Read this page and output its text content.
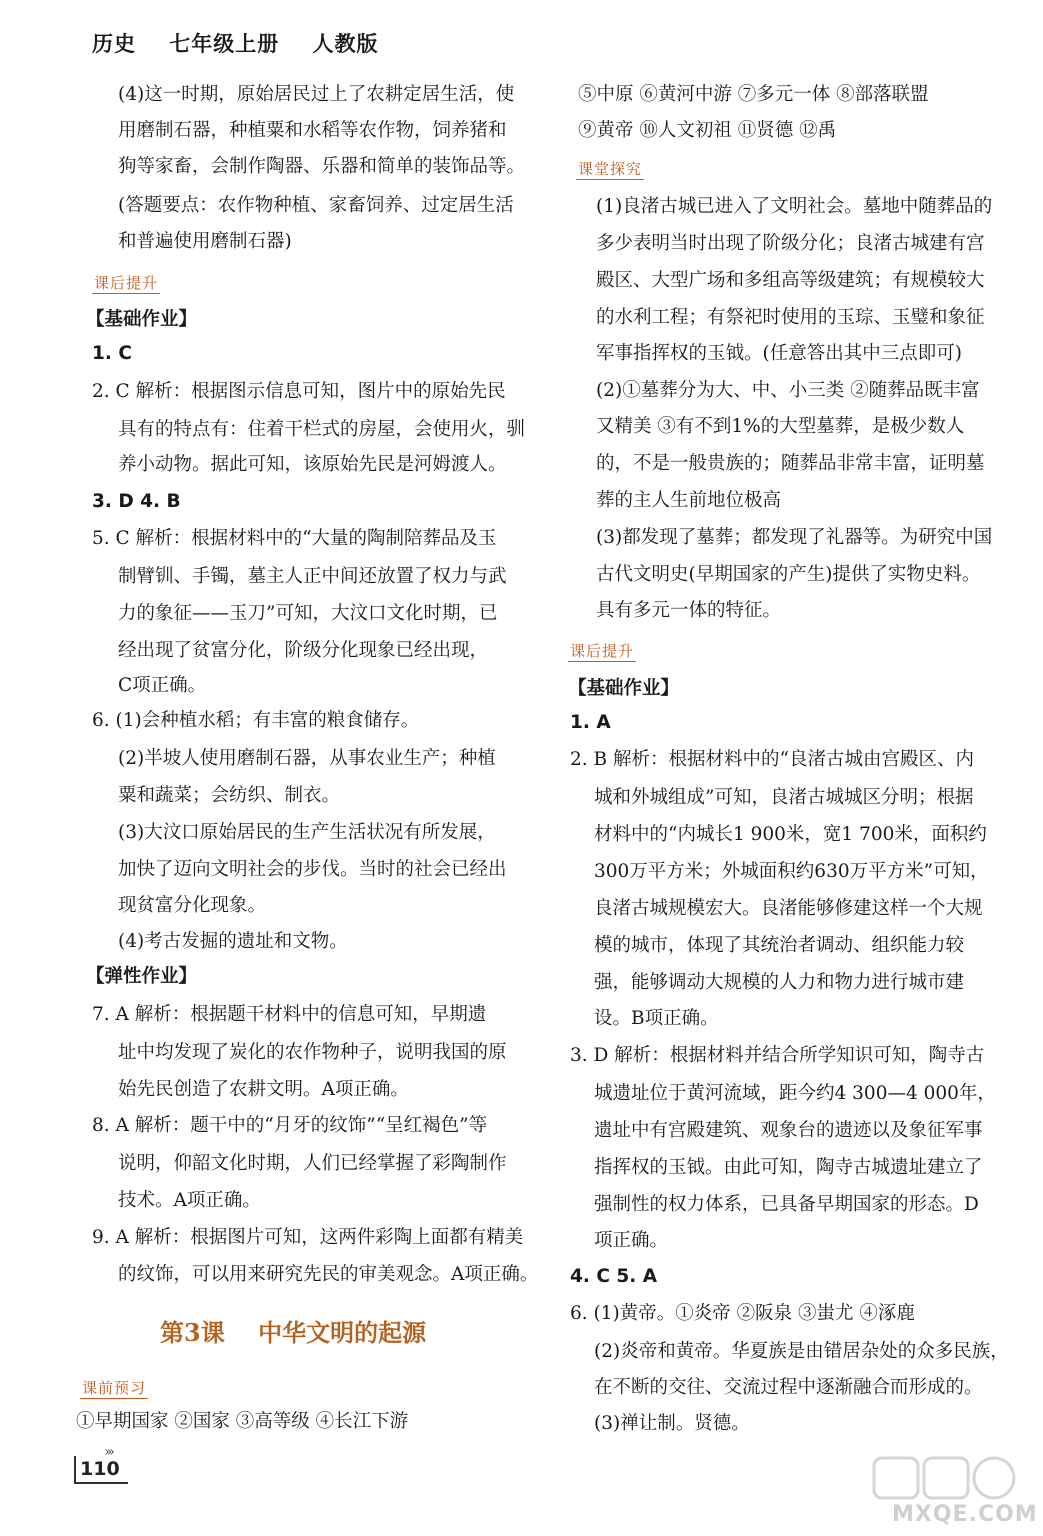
历史    七年级上册    人教版
课后提升
(4)这一时期，原始居民过上了农耕定居生活，使
用磨制石器，种植粟和水稻等农作物，饲养猪和
狗等家畜，会制作陶器、乐器和简单的装饰品等。
(答题要点：农作物种植、家畜饲养、过定居生活
和普遍使用磨制石器)
【基础作业】
1. C
2. C 解析：根据图示信息可知，图片中的原始先民
具有的特点有：住着干栏式的房屋，会使用火，驯
养小动物。据此可知，该原始先民是河姆渡人。
3. D 4. B
5. C 解析：根据材料中的“大量的陶制陪葬品及玉
制臂钏、手镯，墓主人正中间还放置了权力与武
力的象征——玉刀”可知，大汶口文化时期，已
经出现了贫富分化，阶级分化现象已经出现，
C项正确。
6. (1)会种植水稻；有丰富的粮食储存。
(2)半坡人使用磨制石器，从事农业生产；种植
粟和蔬菜；会纺织、制衣。
(3)大汶口原始居民的生产生活状况有所发展，
加快了迈向文明社会的步伐。当时的社会已经出
现贫富分化现象。
(4)考古发掘的遗址和文物。
【弹性作业】
7. A 解析：根据题干材料中的信息可知，早期遗
址中均发现了炭化的农作物种子，说明我国的原
始先民创造了农耕文明。A项正确。
8. A 解析：题干中的“月牙的纹饰”“呈红褐色”等
说明，仰韶文化时期，人们已经掌握了彩陶制作
技术。A项正确。
9. A 解析：根据图片可知，这两件彩陶上面都有精美
的纹饰，可以用来研究先民的审美观念。A项正确。
①早期国家 ②国家 ③高等级 ④长江下游
课堂探究
课后提升
⑤中原 ⑥黄河中游 ⑦多元一体 ⑧部落联盟
⑨黄帝 ⑩人文初祖 ⑪贤德 ⑫禹
(1)良渚古城已进入了文明社会。墓地中随葬品的
多少表明当时出现了阶级分化；良渚古城建有宫
殿区、大型广场和多组高等级建筑；有规模较大
的水利工程；有祭祀时使用的玉琮、玉璧和象征
军事指挥权的玉钺。(任意答出其中三点即可)
(2)①墓葬分为大、中、小三类 ②随葬品既丰富
又精美 ③有不到1%的大型墓葬，是极少数人
的，不是一般贵族的；随葬品非常丰富，证明墓
葬的主人生前地位极高
(3)都发现了墓葬；都发现了礼器等。为研究中国
古代文明史(早期国家的产生)提供了实物史料。
具有多元一体的特征。
【基础作业】
1. A
2. B 解析：根据材料中的“良渚古城由宫殿区、内
城和外城组成”可知，良渚古城城区分明；根据
材料中的“内城长1 900米，宽1 700米，面积约
300万平方米；外城面积约630万平方米”可知，
良渚古城规模宏大。良渚能够修建这样一个大规
模的城市，体现了其统治者调动、组织能力较
强，能够调动大规模的人力和物力进行城市建
设。B项正确。
3. D 解析：根据材料并结合所学知识可知，陶寺古
城遗址位于黄河流域，距今约4 300—4 000年，
遗址中有宫殿建筑、观象台的遗迹以及象征军事
指挥权的玉钺。由此可知，陶寺古城遗址建立了
强制性的权力体系，已具备早期国家的形态。D
项正确。
4. C 5. A
6. (1)黄帝。①炎帝 ②阪泉 ③蚩尤 ④涿鹿
(2)炎帝和黄帝。华夏族是由错居杂处的众多民族，
在不断的交往、交流过程中逐渐融合而形成的。
(3)禅让制。贤德。
第3课    中华文明的起源
课前预习
›››
110
MXQE.COM
